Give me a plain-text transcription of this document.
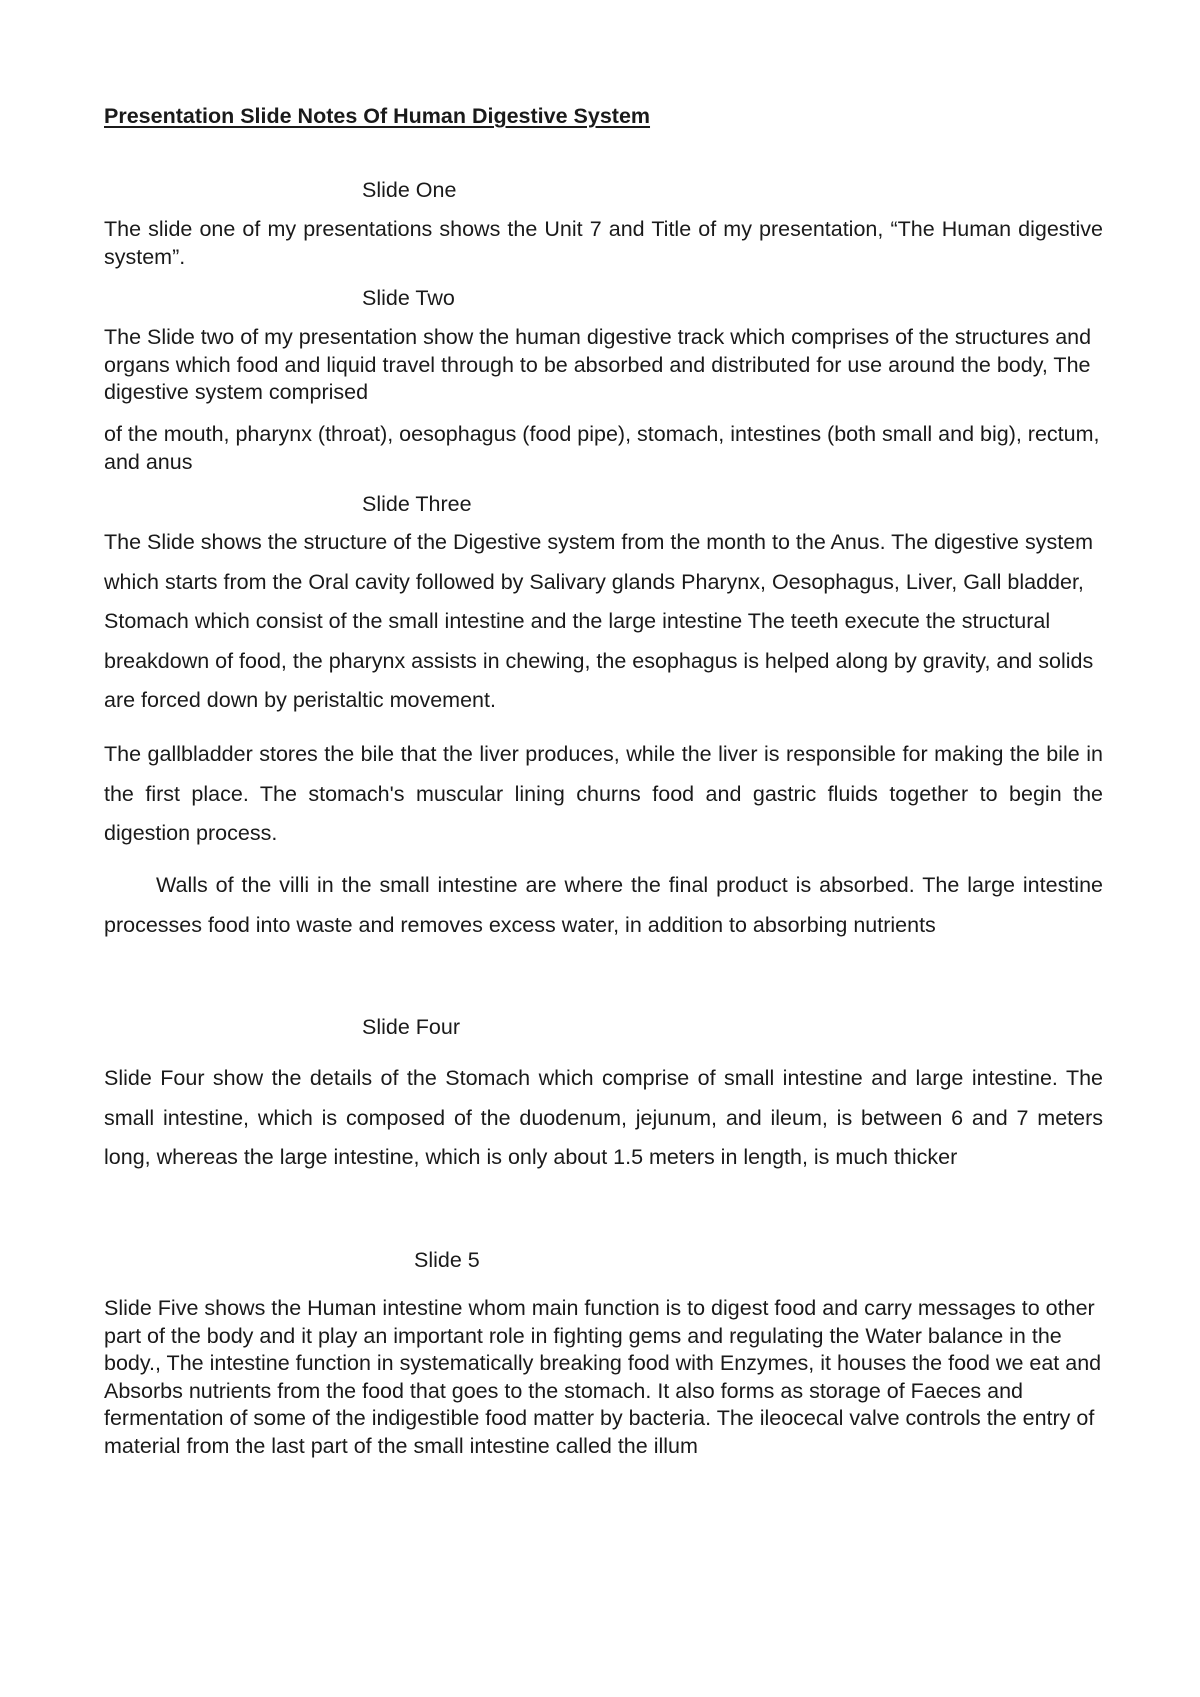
Presentation Slide Notes Of Human Digestive System

Slide One

The slide one of my presentations shows the Unit 7 and Title of my presentation, “The Human digestive system”.

Slide Two

The Slide two of my presentation show the human digestive track which comprises of the structures and organs which food and liquid travel through to be absorbed and distributed for use around the body, The digestive system comprised

of the mouth, pharynx (throat), oesophagus (food pipe), stomach, intestines (both small and big), rectum, and anus

Slide Three

The Slide shows the structure of the Digestive system from the month to the Anus. The digestive system which starts from the Oral cavity followed by Salivary glands Pharynx, Oesophagus, Liver, Gall bladder, Stomach which consist of the small intestine and the large intestine The teeth execute the structural breakdown of food, the pharynx assists in chewing, the esophagus is helped along by gravity, and solids are forced down by peristaltic movement.

The gallbladder stores the bile that the liver produces, while the liver is responsible for making the bile in the first place. The stomach's muscular lining churns food and gastric fluids together to begin the digestion process.

Walls of the villi in the small intestine are where the final product is absorbed. The large intestine processes food into waste and removes excess water, in addition to absorbing nutrients

Slide Four

Slide Four show the details of the Stomach which comprise of small intestine and large intestine. The small intestine, which is composed of the duodenum, jejunum, and ileum, is between 6 and 7 meters long, whereas the large intestine, which is only about 1.5 meters in length, is much thicker

Slide 5

Slide Five shows the Human intestine whom main function is to digest food and carry messages to other part of the body and it play an important role in fighting gems and regulating the Water balance in the body., The intestine function in systematically breaking food with Enzymes, it houses the food we eat and Absorbs nutrients from the food that goes to the stomach. It also forms as storage of Faeces and fermentation of some of the indigestible food matter by bacteria. The ileocecal valve controls the entry of material from the last part of the small intestine called the illum
